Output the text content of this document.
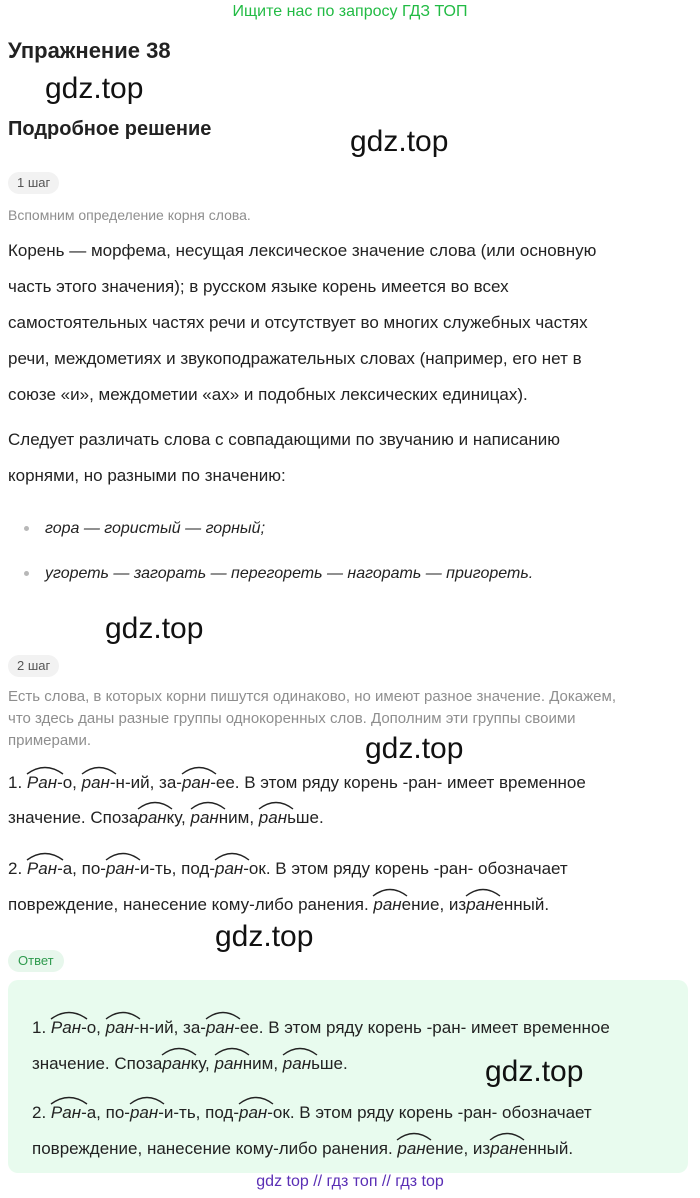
Ищите нас по запросу ГДЗ ТОП
Упражнение 38
gdz.top
Подробное решение	gdz.top
1 шаг
Вспомним определение корня слова.
Корень — морфема, несущая лексическое значение слова (или основную
часть этого значения); в русском языке корень имеется во всех
самостоятельных частях речи и отсутствует во многих служебных частях
речи, междометиях и звукоподражательных словах (например, его нет в
союзе «и», междометии «ах» и подобных лексических единицах).
Следует различать слова с совпадающими по звучанию и написанию
корнями, но разными по значению:
гора — гористый — горный;
угореть — загорать — перегореть — нагорать — пригореть.
gdz.top
2 шаг
Есть слова, в которых корни пишутся одинаково, но имеют разное значение. Докажем,
что здесь даны разные группы однокоренных слов. Дополним эти группы своими
примерами.	gdz.top
1.
Ран-о,
ран-н-ий, за-
ран-ее. В этом ряду корень -ран- имеет временное
значение. Споза
ранку,
ранним,
раньше.
2.
Ран-а, по-
ран-и-ть, под-
ран-ок. В этом ряду корень -ран- обозначает
повреждение, нанесение кому-либо ранения.
ранение, из
раненный.
gdz.top
Ответ
1.
Ран-о,
ран-н-ий, за-
ран-ее. В этом ряду корень -ран- имеет временное
значение. Споза
ранку,
ранним,
раньше.	gdz.top
2.
Ран-а, по-
ран-и-ть, под-
ран-ок. В этом ряду корень -ран- обозначает
повреждение, нанесение кому-либо ранения.
ранение, из
раненный.
gdz top // гдз топ // гдз top
